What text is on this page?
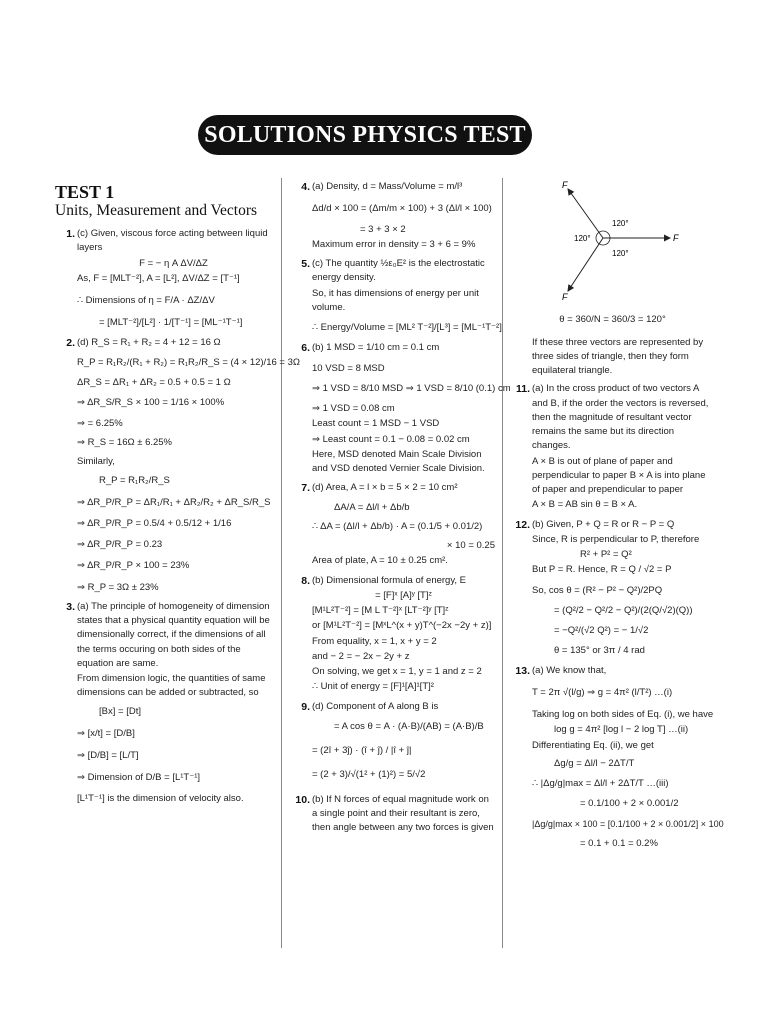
SOLUTIONS PHYSICS TEST
TEST 1
Units, Measurement and Vectors
1. (c) Given, viscous force acting between liquid layers
F = − η A ΔV/ΔZ
As, F = [MLT⁻²], A = [L²], ΔV/ΔZ = [T⁻¹]
∴ Dimensions of η = F/A · ΔZ/ΔV
= [MLT⁻²]/[L²] · 1/[T⁻¹] = [ML⁻¹T⁻¹]
2. (d) R_S = R₁ + R₂ = 4 + 12 = 16 Ω
R_P = R₁R₂/(R₁ + R₂) = R₁R₂/R_S = (4 × 12)/16 = 3Ω
ΔR_S = ΔR₁ + ΔR₂ = 0.5 + 0.5 = 1 Ω
⇒ ΔR_S/R_S × 100 = 1/16 × 100%
⇒ = 6.25%
⇒ R_S = 16Ω ± 6.25%
Similarly,
R_P = R₁R₂/R_S
⇒ ΔR_P/R_P = ΔR₁/R₁ + ΔR₂/R₂ + ΔR_S/R_S
⇒ ΔR_P/R_P = 0.5/4 + 0.5/12 + 1/16
⇒ ΔR_P/R_P = 0.23
⇒ ΔR_P/R_P × 100 = 23%
⇒ R_P = 3Ω ± 23%
3. (a) The principle of homogeneity of dimension states that a physical quantity equation will be dimensionally correct, if the dimensions of all the terms occuring on both sides of the equation are same.
From dimension logic, the quantities of same dimensions can be added or subtracted, so
[Bx] = [Dt]
⇒ [x/t] = [D/B]
⇒ [D/B] = [L/T]
⇒ Dimension of D/B = [L¹T⁻¹]
[L¹T⁻¹] is the dimension of velocity also.
4. (a) Density, d = Mass/Volume = m/l³
Δd/d × 100 = (Δm/m × 100) + 3 (Δl/l × 100)
= 3 + 3 × 2
Maximum error in density = 3 + 6 = 9%
5. (c) The quantity ½ε₀E² is the electrostatic energy density.
So, it has dimensions of energy per unit volume.
∴ Energy/Volume = [ML² T⁻²]/[L³] = [ML⁻¹T⁻²]
6. (b) 1 MSD = 1/10 cm = 0.1 cm
10 VSD = 8 MSD
⇒ 1 VSD = 8/10 MSD ⇒ 1 VSD = 8/10 (0.1) cm
⇒ 1 VSD = 0.08 cm
Least count = 1 MSD − 1 VSD
⇒ Least count = 0.1 − 0.08 = 0.02 cm
Here, MSD denoted Main Scale Division and VSD denoted Vernier Scale Division.
7. (d) Area, A = l × b = 5 × 2 = 10 cm²
ΔA/A = Δl/l + Δb/b
∴ ΔA = (Δl/l + Δb/b) · A = (0.1/5 + 0.01/2)
× 10 = 0.25
Area of plate, A = 10 ± 0.25 cm².
8. (b) Dimensional formula of energy, E
= [F]ˣ [A]ʸ [T]ᶻ
[M¹L²T⁻²] = [M L T⁻²]ˣ [LT⁻²]ʸ [T]ᶻ
or [M¹L²T⁻²] = [MˣL^(x + y)T^(−2x −2y + z)]
From equality, x = 1, x + y = 2
and − 2 = − 2x − 2y + z
On solving, we get x = 1, y = 1 and z = 2
∴ Unit of energy = [F]¹[A]¹[T]²
9. (d) Component of A along B is
= A cos θ = A · (A·B)/(AB) = (A·B)/B
= (2î + 3ĵ) · (î + ĵ) / |î + ĵ|
= (2 + 3)/√(1² + (1)²) = 5/√2
10. (b) If N forces of equal magnitude work on a single point and their resultant is zero, then angle between any two forces is given
F
F
F
120°
120°
120°
θ = 360/N = 360/3 = 120°
If these three vectors are represented by three sides of triangle, then they form equilateral triangle.
11. (a) In the cross product of two vectors A and B, if the order the vectors is reversed, then the magnitude of resultant vector remains the same but its direction changes.
A × B is out of plane of paper and perpendicular to paper B × A is into plane of paper and prependicular to paper
A × B = AB sin θ = B × A.
12. (b) Given, P + Q = R or R − P = Q
Since, R is perpendicular to P, therefore
R² + P² = Q²
But P = R. Hence, R = Q / √2 = P
So, cos θ = (R² − P² − Q²)/2PQ
= (Q²/2 − Q²/2 − Q²)/(2(Q/√2)(Q))
= −Q²/(√2 Q²) = − 1/√2
θ = 135° or 3π / 4 rad
13. (a) We know that,
T = 2π √(l/g) ⇒ g = 4π² (l/T²) …(i)
Taking log on both sides of Eq. (i), we have
log g = 4π² [log l − 2 log T] …(ii)
Differentiating Eq. (ii), we get
Δg/g = Δl/l − 2ΔT/T
∴ |Δg/g|max = Δl/l + 2ΔT/T …(iii)
= 0.1/100 + 2 × 0.001/2
|Δg/g|max × 100 = [0.1/100 + 2 × 0.001/2] × 100
= 0.1 + 0.1 = 0.2%
